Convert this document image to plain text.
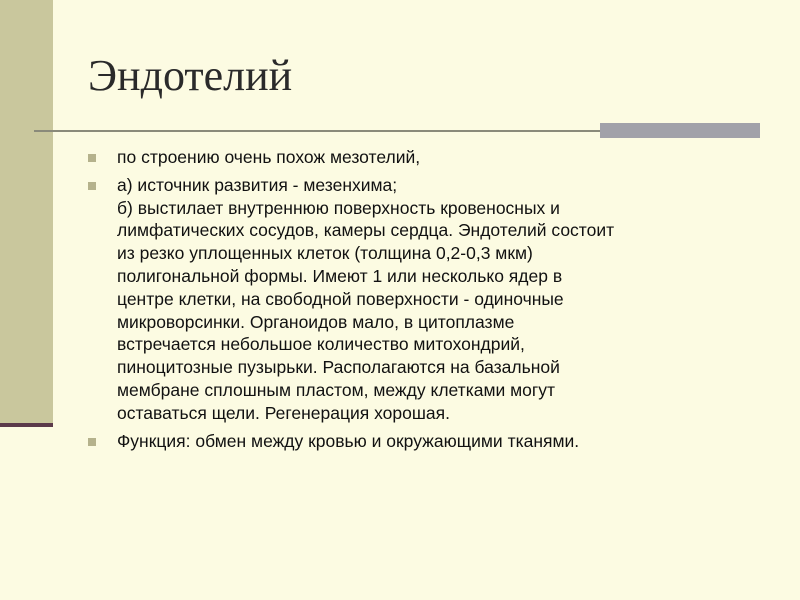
Эндотелий
по строению очень похож мезотелий,
а) источник развития - мезенхима;
б) выстилает внутреннюю поверхность кровеносных и
лимфатических сосудов, камеры сердца. Эндотелий состоит
из резко уплощенных клеток (толщина 0,2-0,3 мкм)
полигональной формы. Имеют 1 или несколько ядер в
центре клетки, на свободной поверхности - одиночные
микроворсинки. Органоидов мало, в цитоплазме
встречается небольшое количество митохондрий,
пиноцитозные пузырьки. Располагаются на базальной
мембране сплошным пластом, между клетками могут
оставаться щели. Регенерация хорошая.
Функция: обмен между кровью и окружающими тканями.
